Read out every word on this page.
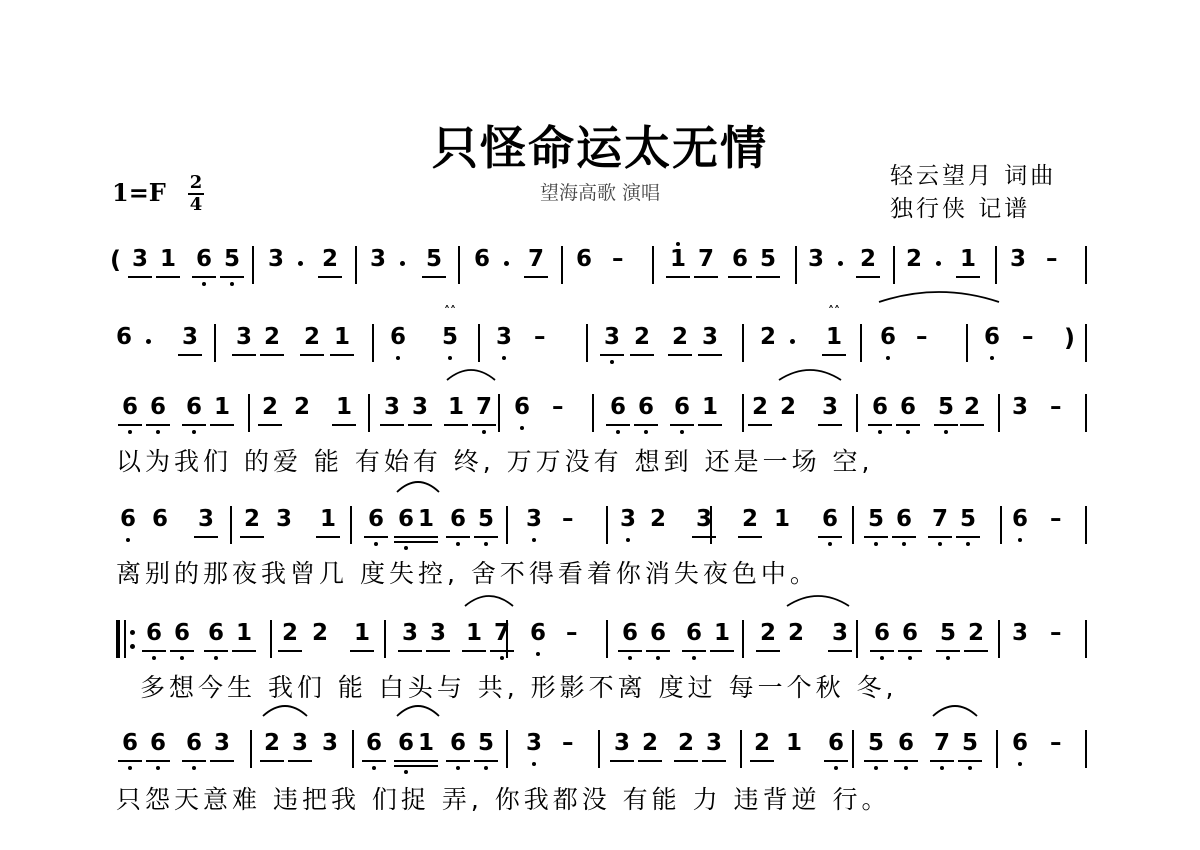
只怪命运太无情
望海高歌 演唱
1=F 2
4
轻云望月 词曲
独行侠 记谱
( 3 1 6 5 3 2 3 5 6 7 6 – 1 7 6 5 3 2 2 1 3 –
)
6 3 3 2 2 1 6 5
˄˄
3 –	3 2 2 3 2 1
˄˄
6 – 6 –
6 6 6 1 2 2 1 3 3 1 7 6 – 6 6 6 1 2 2 3 6 6 5 2 3 –
以为我们 的爱 能 有始有 终, 万万没有 想到 还是一场 空,
6 6 3 2 3 1 6 6 1 6 5 3 – 3 2 3 2 1 6 5 6 7 5 6 –
离别的那夜我曾几 度失控, 舍不得看着你消失夜色中。
6 6 6 1 2 2 1 3 3 1 7 6 – 6 6 6 1 2 2 3 6 6 5 2 3 –
多想今生 我们 能 白头与 共, 形影不离 度过 每一个秋 冬,
6 6 6 3 2 3 3 6 6 1 6 5 3 – 3 2 2 3 2 1 6 5 6 7 5 6 –
只怨天意难 违把我 们捉 弄, 你我都没 有能 力 违背逆 行。
